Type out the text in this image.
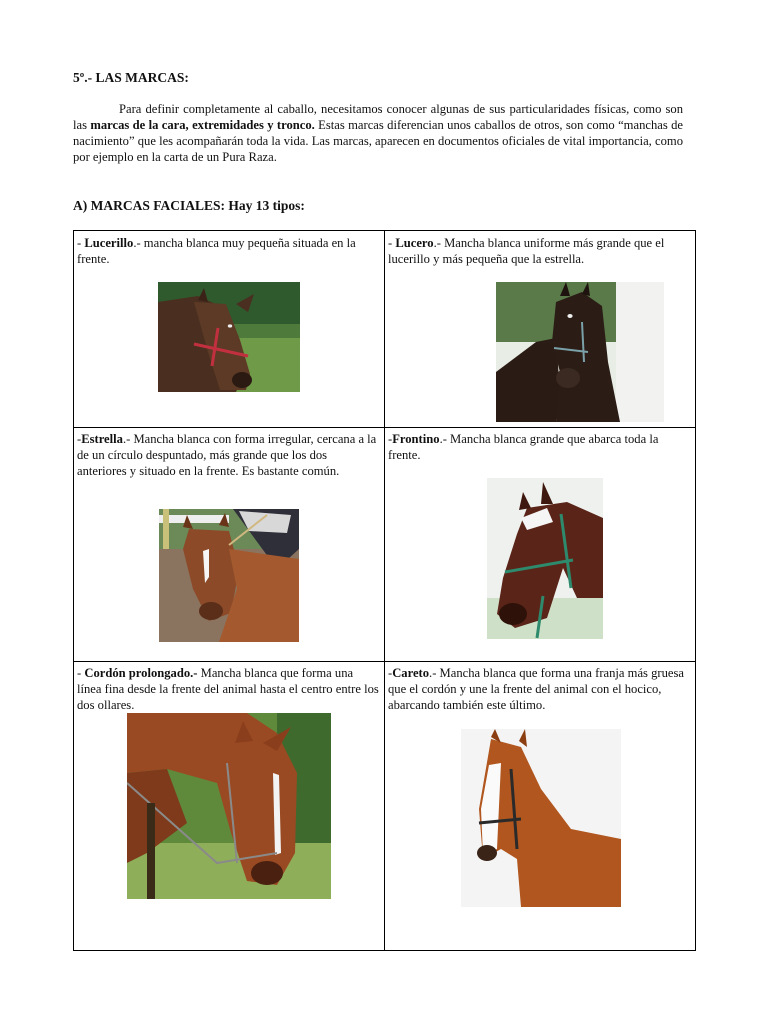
5º.- LAS MARCAS:
Para definir completamente al caballo, necesitamos conocer algunas de sus particularidades físicas, como son las marcas de la cara, extremidades y tronco. Estas marcas diferencian unos caballos de otros, son como “manchas de nacimiento” que les acompañarán toda la vida. Las marcas, aparecen en documentos oficiales de vital importancia, como por ejemplo en la carta de un Pura Raza.
A) MARCAS FACIALES: Hay 13 tipos:
- Lucerillo.- mancha blanca muy pequeña situada en la frente.
- Lucero.- Mancha blanca uniforme más grande que el lucerillo y más pequeña que la estrella.
-Estrella.- Mancha blanca con forma irregular, cercana a la de un círculo despuntado, más grande que los dos anteriores y situado en la frente. Es bastante común.
-Frontino.- Mancha blanca grande que abarca toda la frente.
- Cordón prolongado.- Mancha blanca que forma una línea fina desde la frente del animal hasta el centro entre los dos ollares.
-Careto.- Mancha blanca que forma una franja más gruesa que el cordón y une la frente del animal con el hocico, abarcando también este último.
